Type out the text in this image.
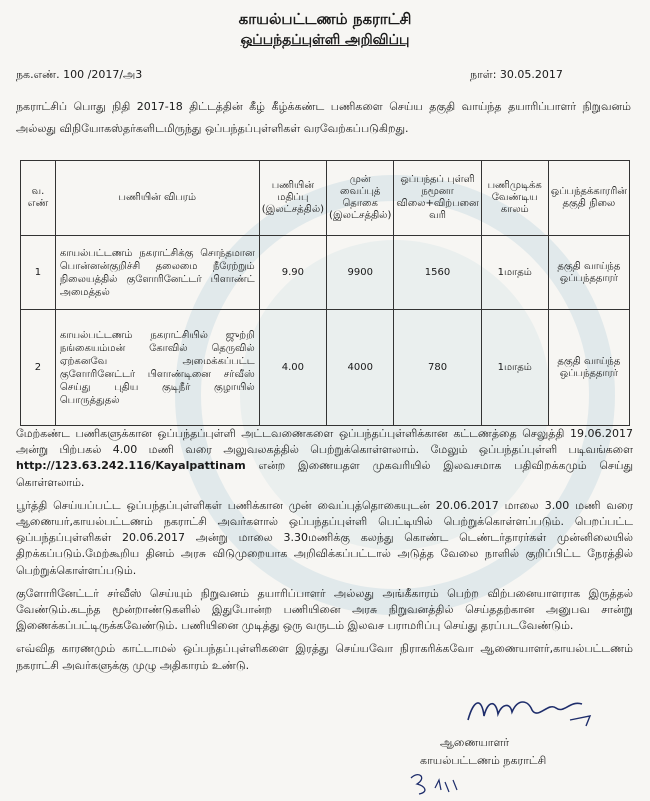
காயல்பட்டணம் நகராட்சி
ஒப்பந்தப்புள்ளி அறிவிப்பு
நக.எண். 100 /2017/அ3	நாள்: 30.05.2017
நகராட்சிப் பொது நிதி 2017-18 திட்டத்தின் கீழ் கீழ்க்கண்ட பணிகளை செய்ய தகுதி வாய்ந்த தயாரிப்பாளர் நிறுவனம் அல்லது விநியோகஸ்தர்களிடமிருந்து ஒப்பந்தப்புள்ளிகள் வரவேற்கப்படுகிறது.
வ. எண்	பணியின் விபரம்	பணியின் மதிப்பு (இலட்சத்தில்)	முன் வைப்புத் தொகை (இலட்சத்தில்)	ஒப்பந்தப் புள்ளி நமூனா விலை+விற்பனை வரி	பணிமுடிக்க வேண்டிய காலம்	ஒப்பந்தக்காரரின் தகுதி நிலை
1	காயல்பட்டணம் நகராட்சிக்கு சொந்தமான பொன்னன்குறிச்சி தலைமை நீரேற்றும் நிலையத்தில் குளோரினேட்டர் பிளாண்ட் அமைத்தல்	9.90	9900	1560	1மாதம்	தகுதி வாய்ந்த ஒப்பந்ததாரர்
2	காயல்பட்டணம் நகராட்சியில் ஜுற்றி நங்கையம்மன் கோவில் தெருவில் ஏற்கனவே அமைக்கப்பட்ட குளோரினேட்டர் பிளாண்டினை சர்வீஸ் செய்து புதிய குடிநீர் குழாயில் பொருத்துதல்	4.00	4000	780	1மாதம்	தகுதி வாய்ந்த ஒப்பந்ததாரர்

மேற்கண்ட பணிகளுக்கான ஒப்பந்தப்புள்ளி அட்டவணைகளை ஒப்பந்தப்புள்ளிக்கான கட்டணத்தை செலுத்தி 19.06.2017 அன்று பிற்பகல் 4.00 மணி வரை அலுவலகத்தில் பெற்றுக்கொள்ளலாம். மேலும் ஒப்பந்தப்புள்ளி படிவங்களை http://123.63.242.116/Kayalpattinam என்ற இணையதள முகவரியில் இலவசமாக பதிவிறக்கமும் செய்து கொள்ளலாம்.

பூர்த்தி செய்யப்பட்ட ஒப்பந்தப்புள்ளிகள் பணிக்கான முன் வைப்புத்தொகையுடன் 20.06.2017 மாலை 3.00 மணி வரை ஆணையர்,காயல்பட்டணம் நகராட்சி அவர்களால் ஒப்பந்தப்புள்ளி பெட்டியில் பெற்றுக்கொள்ளப்படும். பெறப்பட்ட ஒப்பந்தப்புள்ளிகள் 20.06.2017 அன்று மாலை 3.30மணிக்கு கலந்து கொண்ட டெண்டர்தாரர்கள் முன்னிலையில் திறக்கப்படும்.மேற்கூறிய தினம் அரசு விடுமுறையாக அறிவிக்கப்பட்டால் அடுத்த வேலை நாளில் குறிப்பிட்ட நேரத்தில் பெற்றுக்கொள்ளப்படும்.

குளோரினேட்டர் சர்வீஸ் செய்யும் நிறுவனம் தயாரிப்பாளர் அல்லது அங்கீகாரம் பெற்ற விற்பனையாளராக இருத்தல் வேண்டும்.கடந்த மூன்றாண்டுகளில் இதுபோன்ற பணியினை அரசு நிறுவனத்தில் செய்ததற்கான அனுபவ சான்று இணைக்கப்பட்டிருக்கவேண்டும். பணியினை முடித்து ஒரு வருடம் இலவச பராமரிப்பு செய்து தரப்படவேண்டும்.

எவ்வித காரணமும் காட்டாமல் ஒப்பந்தப்புள்ளிகளை இரத்து செய்யவோ நிராகரிக்கவோ ஆணையாளர்,காயல்பட்டணம் நகராட்சி அவர்களுக்கு முழு அதிகாரம் உண்டு.

ஆணையாளர்
காயல்பட்டணம் நகராட்சி
